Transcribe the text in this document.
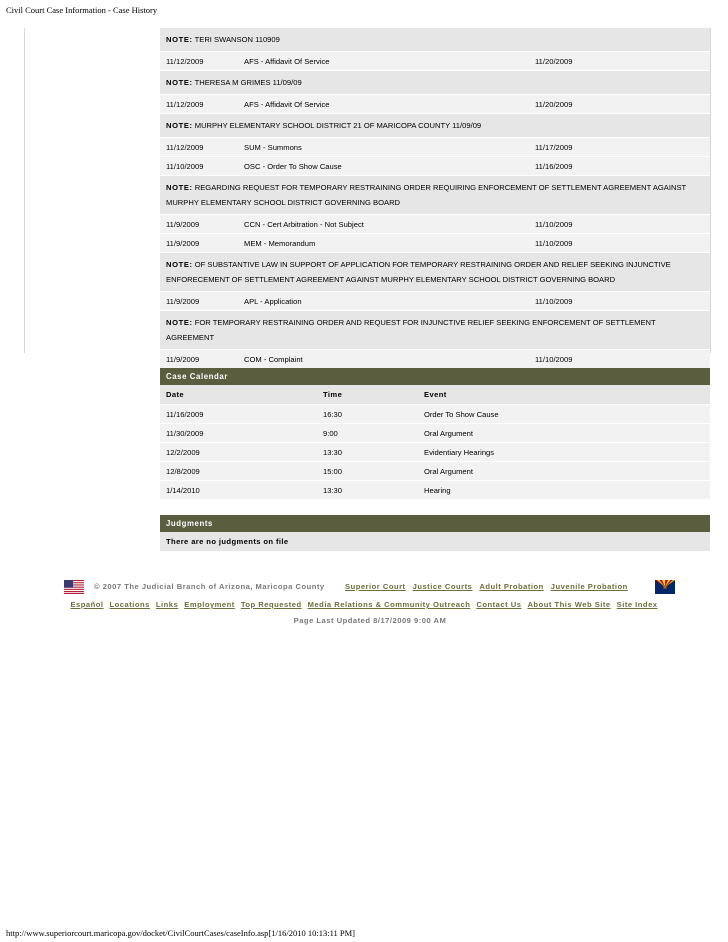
Civil Court Case Information - Case History
NOTE: TERI SWANSON 110909
11/12/2009	AFS - Affidavit Of Service	11/20/2009
NOTE: THERESA M GRIMES 11/09/09
11/12/2009	AFS - Affidavit Of Service	11/20/2009
NOTE: MURPHY ELEMENTARY SCHOOL DISTRICT 21 OF MARICOPA COUNTY 11/09/09
11/12/2009	SUM - Summons	11/17/2009
11/10/2009	OSC - Order To Show Cause	11/16/2009
NOTE: REGARDING REQUEST FOR TEMPORARY RESTRAINING ORDER REQUIRING ENFORCEMENT OF SETTLEMENT AGREEMENT AGAINST MURPHY ELEMENTARY SCHOOL DISTRICT GOVERNING BOARD
11/9/2009	CCN - Cert Arbitration - Not Subject	11/10/2009
11/9/2009	MEM - Memorandum	11/10/2009
NOTE: OF SUBSTANTIVE LAW IN SUPPORT OF APPLICATION FOR TEMPORARY RESTRAINING ORDER AND RELIEF SEEKING INJUNCTIVE ENFORECEMENT OF SETTLEMENT AGREEMENT AGAINST MURPHY ELEMENTARY SCHOOL DISTRICT GOVERNING BOARD
11/9/2009	APL - Application	11/10/2009
NOTE: FOR TEMPORARY RESTRAINING ORDER AND REQUEST FOR INJUNCTIVE RELIEF SEEKING ENFORCEMENT OF SETTLEMENT AGREEMENT
11/9/2009	COM - Complaint	11/10/2009
Case Calendar
Date	Time	Event
11/16/2009	16:30	Order To Show Cause
11/30/2009	9:00	Oral Argument
12/2/2009	13:30	Evidentiary Hearings
12/8/2009	15:00	Oral Argument
1/14/2010	13:30	Hearing
Judgments
There are no judgments on file
© 2007 The Judicial Branch of Arizona, Maricopa County	Superior Court Justice Courts Adult Probation Juvenile Probation
Español Locations Links Employment Top Requested Media Relations & Community Outreach Contact Us About This Web Site Site Index
Page Last Updated 8/17/2009 9:00 AM
http://www.superiorcourt.maricopa.gov/docket/CivilCourtCases/caseInfo.asp[1/16/2010 10:13:11 PM]
